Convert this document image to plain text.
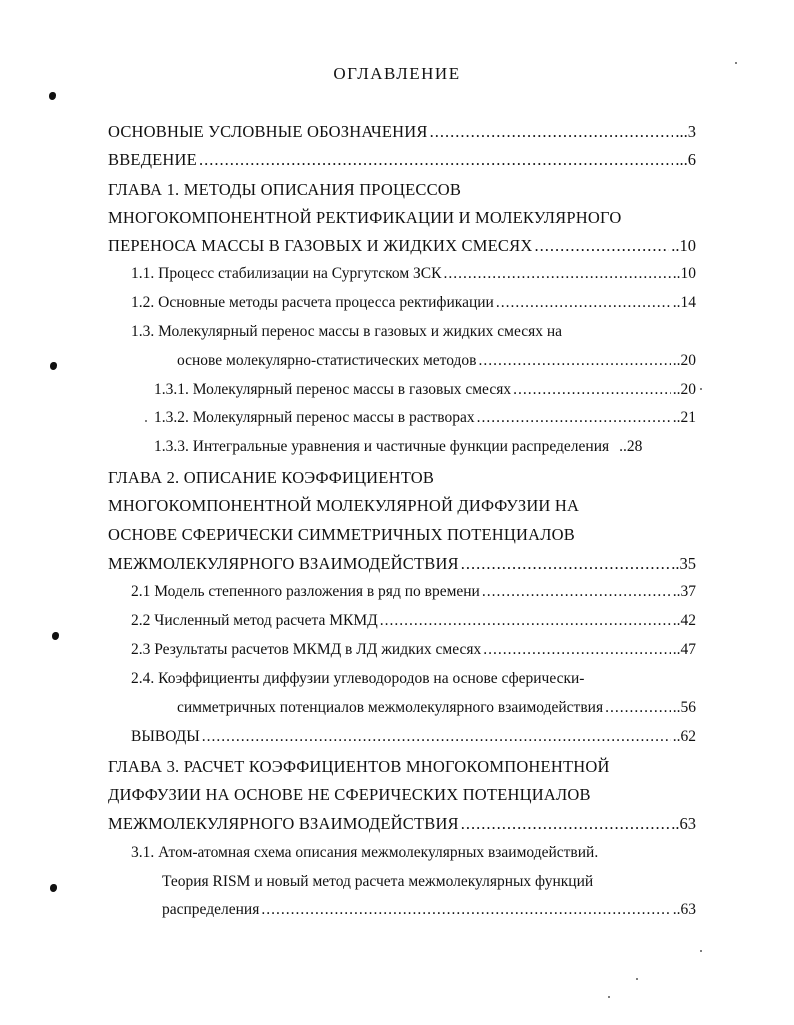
ОГЛАВЛЕНИЕ
ОСНОВНЫЕ УСЛОВНЫЕ ОБОЗНАЧЕНИЯ .....	...3
ВВЕДЕНИЕ .....	...6
ГЛАВА 1. МЕТОДЫ ОПИСАНИЯ ПРОЦЕССОВ
МНОГОКОМПОНЕНТНОЙ РЕКТИФИКАЦИИ И МОЛЕКУЛЯРНОГО
ПЕРЕНОСА МАССЫ В ГАЗОВЫХ И ЖИДКИХ СМЕСЯХ .....	..10
1.1. Процесс стабилизации на Сургутском ЗСК .....	..10
1.2. Основные методы расчета процесса ректификации .....	..14
1.3. Молекулярный перенос массы в газовых и жидких смесях на
основе молекулярно-статистических методов .....	..20
1.3.1. Молекулярный перенос массы в газовых смесях .....	..20
1.3.2. Молекулярный перенос массы в растворах .....	..21
1.3.3. Интегральные уравнения и частичные функции распределения ..28
ГЛАВА 2. ОПИСАНИЕ КОЭФФИЦИЕНТОВ
МНОГОКОМПОНЕНТНОЙ МОЛЕКУЛЯРНОЙ ДИФФУЗИИ НА
ОСНОВЕ СФЕРИЧЕСКИ СИММЕТРИЧНЫХ ПОТЕНЦИАЛОВ
МЕЖМОЛЕКУЛЯРНОГО ВЗАИМОДЕЙСТВИЯ .....	..35
2.1 Модель степенного разложения в ряд по времени .....	..37
2.2 Численный метод расчета МКМД .....	..42
2.3 Результаты расчетов МКМД в ЛД жидких смесях .....	..47
2.4. Коэффициенты диффузии углеводородов на основе сферически-
симметричных потенциалов межмолекулярного взаимодействия .....	..56
ВЫВОДЫ .....	..62
ГЛАВА 3. РАСЧЕТ КОЭФФИЦИЕНТОВ МНОГОКОМПОНЕНТНОЙ
ДИФФУЗИИ НА ОСНОВЕ НЕ СФЕРИЧЕСКИХ ПОТЕНЦИАЛОВ
МЕЖМОЛЕКУЛЯРНОГО ВЗАИМОДЕЙСТВИЯ .....	..63
3.1. Атом-атомная схема описания межмолекулярных взаимодействий.
Теория RISM и новый метод расчета межмолекулярных функций
распределения .....	..63
